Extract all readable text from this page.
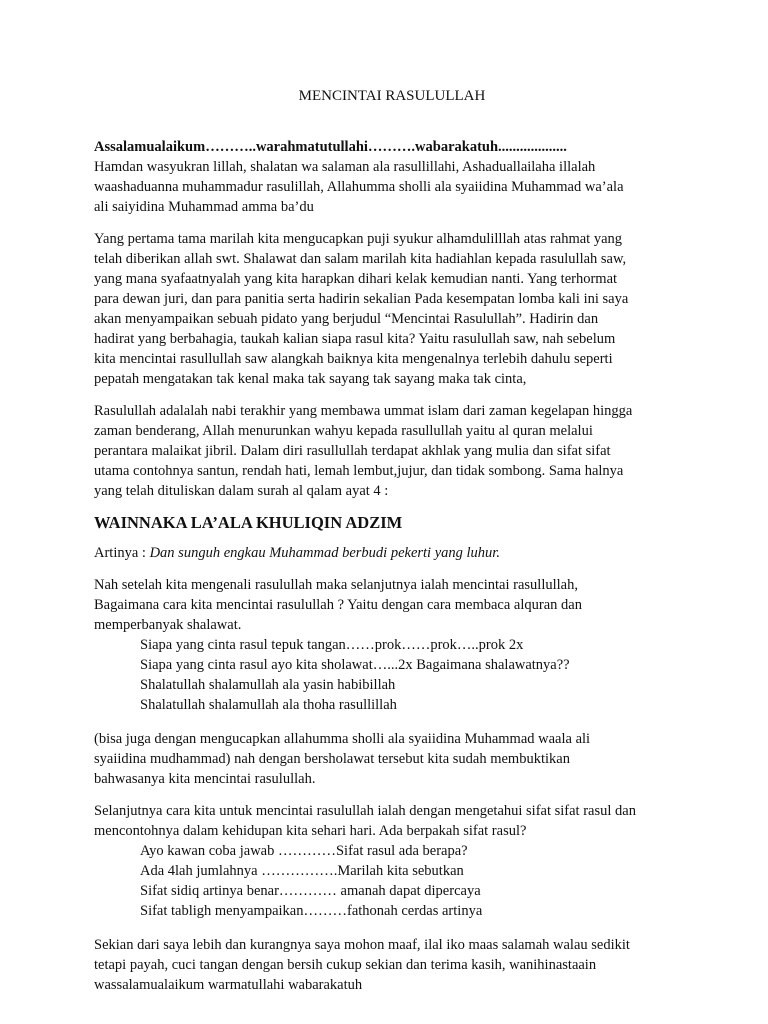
MENCINTAI RASULULLAH

Assalamualaikum………..warahmatutullahi……….wabarakatuh...................
Hamdan wasyukran lillah, shalatan wa salaman ala rasullillahi, Ashaduallailaha illalah
waashaduanna muhammadur rasulillah, Allahumma sholli ala syaiidina Muhammad wa’ala
ali saiyidina Muhammad amma ba’du

Yang pertama tama marilah kita mengucapkan puji syukur alhamdulilllah atas rahmat yang
telah diberikan allah swt. Shalawat dan salam marilah kita hadiahlan kepada rasulullah saw,
yang mana syafaatnyalah yang kita harapkan dihari kelak kemudian nanti. Yang terhormat
para dewan juri, dan para panitia serta hadirin sekalian Pada kesempatan lomba kali ini saya
akan menyampaikan sebuah pidato yang berjudul “Mencintai Rasulullah”. Hadirin dan
hadirat yang berbahagia, taukah kalian siapa rasul kita? Yaitu rasulullah saw, nah sebelum
kita mencintai rasullullah saw alangkah baiknya kita mengenalnya terlebih dahulu seperti
pepatah mengatakan tak kenal maka tak sayang tak sayang maka tak cinta,

Rasulullah adalalah nabi terakhir yang membawa ummat islam dari zaman kegelapan hingga
zaman benderang, Allah menurunkan wahyu kepada rasullullah yaitu al quran melalui
perantara malaikat jibril. Dalam diri rasullullah terdapat akhlak yang mulia dan sifat sifat
utama contohnya santun, rendah hati, lemah lembut,jujur, dan tidak sombong. Sama halnya
yang telah dituliskan dalam surah al qalam ayat 4 :

WAINNAKA LA’ALA KHULIQIN ADZIM

Artinya : Dan sunguh engkau Muhammad berbudi pekerti yang luhur.

Nah setelah kita mengenali rasulullah maka selanjutnya ialah mencintai rasullullah,
Bagaimana cara kita mencintai rasulullah ? Yaitu dengan cara membaca alquran dan
memperbanyak shalawat.
Siapa yang cinta rasul tepuk tangan……prok……prok…..prok 2x
Siapa yang cinta rasul ayo kita sholawat…...2x Bagaimana shalawatnya??
Shalatullah shalamullah ala yasin habibillah
Shalatullah shalamullah ala thoha rasullillah

(bisa juga dengan mengucapkan allahumma sholli ala syaiidina Muhammad waala ali
syaiidina mudhammad) nah dengan bersholawat tersebut kita sudah membuktikan
bahwasanya kita mencintai rasulullah.

Selanjutnya cara kita untuk mencintai rasulullah ialah dengan mengetahui sifat sifat rasul dan
mencontohnya dalam kehidupan kita sehari hari. Ada berpakah sifat rasul?
Ayo kawan coba jawab …………Sifat rasul ada berapa?
Ada 4lah jumlahnya …………….Marilah kita sebutkan
Sifat sidiq artinya benar………… amanah dapat dipercaya
Sifat tabligh menyampaikan………fathonah cerdas artinya

Sekian dari saya lebih dan kurangnya saya mohon maaf, ilal iko maas salamah walau sedikit
tetapi payah, cuci tangan dengan bersih cukup sekian dan terima kasih, wanihinastaain
wassalamualaikum warmatullahi wabarakatuh
